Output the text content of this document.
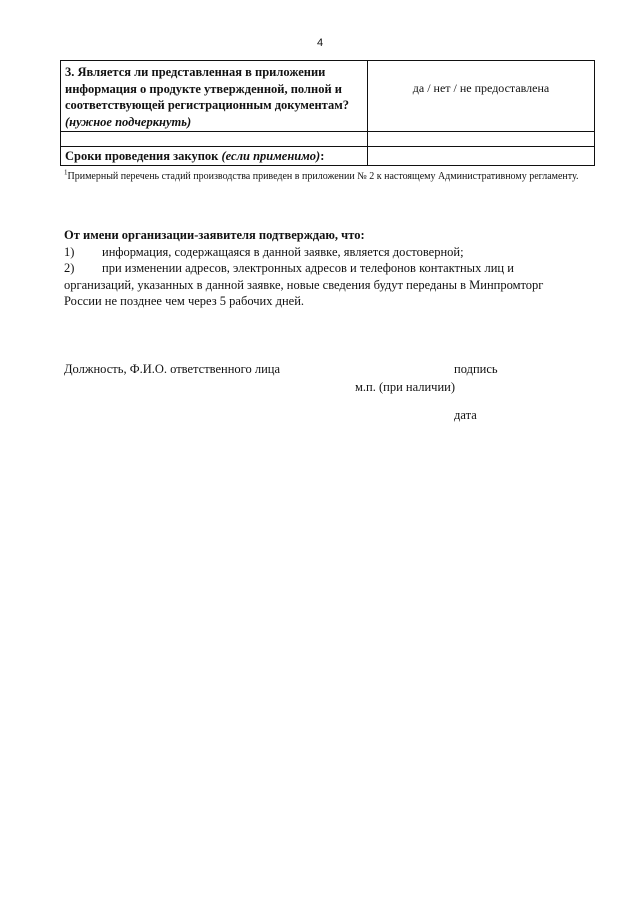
4
3. Является ли представленная в приложении
информация о продукте утвержденной, полной и
соответствующей регистрационным документам?
(нужное подчеркнуть)	да / нет / не предоставлена

Сроки проведения закупок (если применимо):	

$^1$Примерный перечень стадий производства приведен в приложении № 2 к настоящему Административному регламенту.
От имени организации-заявителя подтверждаю, что:
1)	информация, содержащаяся в данной заявке, является достоверной;
2)	при изменении адресов, электронных адресов и телефонов контактных лиц и
организаций, указанных в данной заявке, новые сведения будут переданы в Минпромторг
России не позднее чем через 5 рабочих дней.
Должность, Ф.И.О. ответственного лица	подпись
м.п. (при наличии)
дата
